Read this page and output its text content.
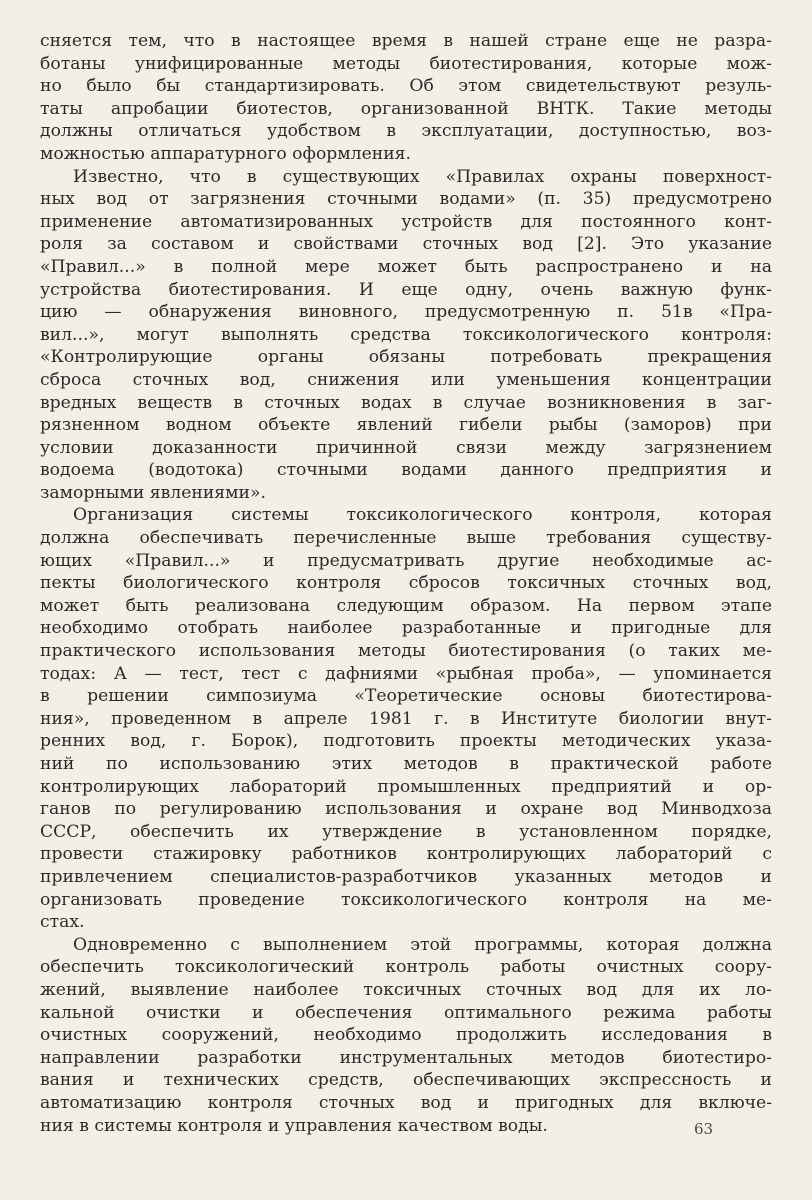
сняется тем, что в настоящее время в нашей стране еще не разра-
ботаны унифицированные методы биотестирования, которые мож-
но было бы стандартизировать. Об этом свидетельствуют резуль-
таты апробации биотестов, организованной ВНТК. Такие методы
должны отличаться удобством в эксплуатации, доступностью, воз-
можностью аппаратурного оформления.
Известно, что в существующих «Правилах охраны поверхност-
ных вод от загрязнения сточными водами» (п. 35) предусмотрено
применение автоматизированных устройств для постоянного конт-
роля за составом и свойствами сточных вод [2]. Это указание
«Правил...» в полной мере может быть распространено и на
устройства биотестирования. И еще одну, очень важную функ-
цию — обнаружения виновного, предусмотренную п. 51в «Пра-
вил...», могут выполнять средства токсикологического контроля:
«Контролирующие органы обязаны потребовать прекращения
сброса сточных вод, снижения или уменьшения концентрации
вредных веществ в сточных водах в случае возникновения в заг-
рязненном водном объекте явлений гибели рыбы (заморов) при
условии доказанности причинной связи между загрязнением
водоема (водотока) сточными водами данного предприятия и
заморными явлениями».
Организация системы токсикологического контроля, которая
должна обеспечивать перечисленные выше требования существу-
ющих «Правил...» и предусматривать другие необходимые ас-
пекты биологического контроля сбросов токсичных сточных вод,
может быть реализована следующим образом. На первом этапе
необходимо отобрать наиболее разработанные и пригодные для
практического использования методы биотестирования (о таких ме-
тодах: А — тест, тест с дафниями «рыбная проба», — упоминается
в решении симпозиума «Теоретические основы биотестирова-
ния», проведенном в апреле 1981 г. в Институте биологии внут-
ренних вод, г. Борок), подготовить проекты методических указа-
ний по использованию этих методов в практической работе
контролирующих лабораторий промышленных предприятий и ор-
ганов по регулированию использования и охране вод Минводхоза
СССР, обеспечить их утверждение в установленном порядке,
провести стажировку работников контролирующих лабораторий с
привлечением специалистов-разработчиков указанных методов и
организовать проведение токсикологического контроля на ме-
стах.
Одновременно с выполнением этой программы, которая должна
обеспечить токсикологический контроль работы очистных соору-
жений, выявление наиболее токсичных сточных вод для их ло-
кальной очистки и обеспечения оптимального режима работы
очистных сооружений, необходимо продолжить исследования в
направлении разработки инструментальных методов биотестиро-
вания и технических средств, обеспечивающих экспрессность и
автоматизацию контроля сточных вод и пригодных для включе-
ния в системы контроля и управления качеством воды.	63
